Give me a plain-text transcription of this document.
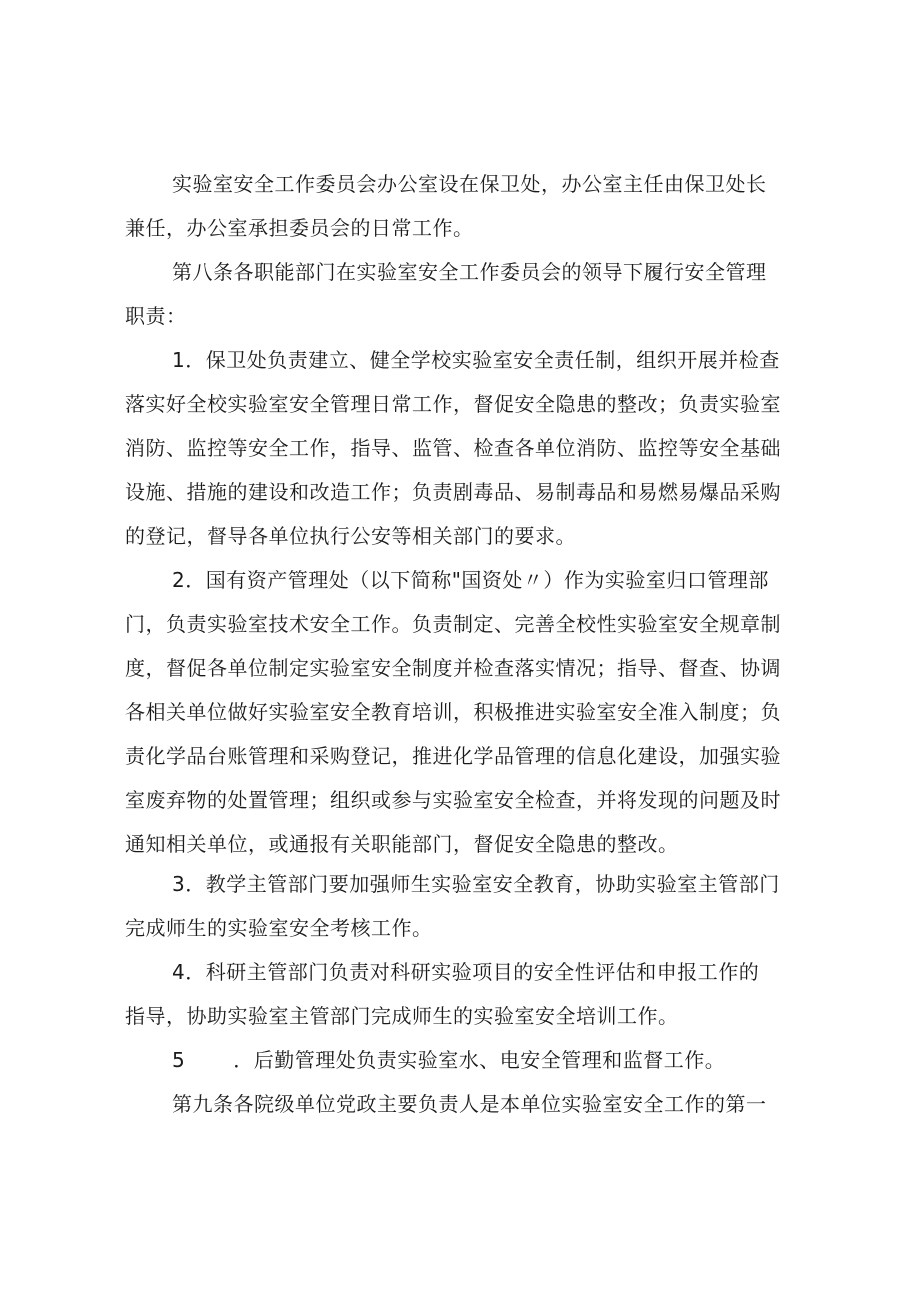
实验室安全工作委员会办公室设在保卫处，办公室主任由保卫处长
兼任，办公室承担委员会的日常工作。
第八条各职能部门在实验室安全工作委员会的领导下履行安全管理
职责：
1．保卫处负责建立、健全学校实验室安全责任制，组织开展并检查
落实好全校实验室安全管理日常工作，督促安全隐患的整改；负责实验室
消防、监控等安全工作，指导、监管、检查各单位消防、监控等安全基础
设施、措施的建设和改造工作；负责剧毒品、易制毒品和易燃易爆品采购
的登记，督导各单位执行公安等相关部门的要求。
2．国有资产管理处（以下简称"国资处〃）作为实验室归口管理部
门，负责实验室技术安全工作。负责制定、完善全校性实验室安全规章制
度，督促各单位制定实验室安全制度并检查落实情况；指导、督查、协调
各相关单位做好实验室安全教育培训，积极推进实验室安全准入制度；负
责化学品台账管理和采购登记，推进化学品管理的信息化建设，加强实验
室废弃物的处置管理；组织或参与实验室安全检查，并将发现的问题及时
通知相关单位，或通报有关职能部门，督促安全隐患的整改。
3．教学主管部门要加强师生实验室安全教育，协助实验室主管部门
完成师生的实验室安全考核工作。
4．科研主管部门负责对科研实验项目的安全性评估和申报工作的
指导，协助实验室主管部门完成师生的实验室安全培训工作。
5 ．后勤管理处负责实验室水、电安全管理和监督工作。
第九条各院级单位党政主要负责人是本单位实验室安全工作的第一
